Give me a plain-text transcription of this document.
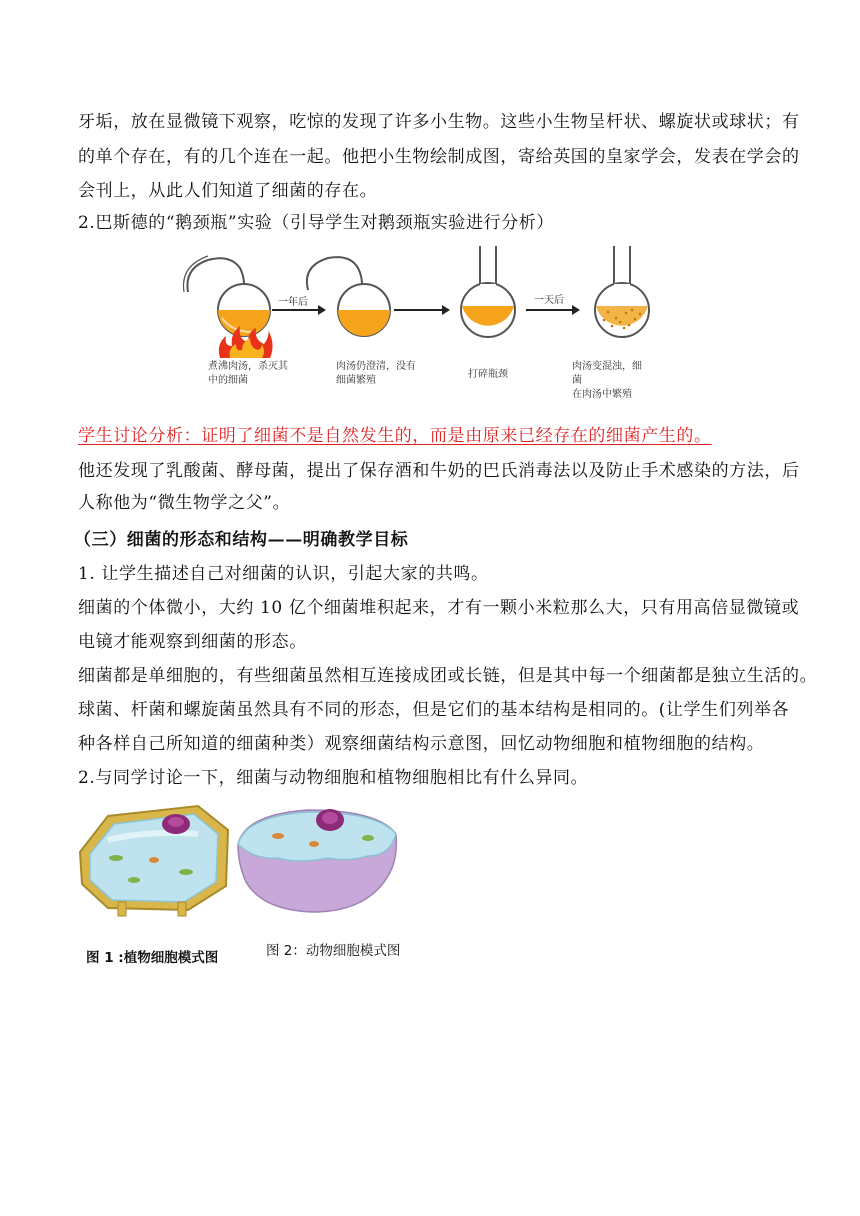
牙垢，放在显微镜下观察，吃惊的发现了许多小生物。这些小生物呈杆状、螺旋状或球状；有
的单个存在，有的几个连在一起。他把小生物绘制成图，寄给英国的皇家学会，发表在学会的
会刊上，从此人们知道了细菌的存在。
2.巴斯德的“鹅颈瓶”实验（引导学生对鹅颈瓶实验进行分析）
一年后	一天后
煮沸肉汤，杀灭其
中的细菌
肉汤仍澄清，没有
细菌繁殖
打碎瓶颈
肉汤变混浊，细菌
在肉汤中繁殖
学生讨论分析：证明了细菌不是自然发生的，而是由原来已经存在的细菌产生的。
他还发现了乳酸菌、酵母菌，提出了保存酒和牛奶的巴氏消毒法以及防止手术感染的方法，后
人称他为“微生物学之父”。
（三）细菌的形态和结构——明确教学目标
1. 让学生描述自己对细菌的认识，引起大家的共鸣。
细菌的个体微小，大约 10 亿个细菌堆积起来，才有一颗小米粒那么大，只有用高倍显微镜或
电镜才能观察到细菌的形态。
细菌都是单细胞的，有些细菌虽然相互连接成团或长链，但是其中每一个细菌都是独立生活的。
球菌、杆菌和螺旋菌虽然具有不同的形态，但是它们的基本结构是相同的。(让学生们列举各
种各样自己所知道的细菌种类）观察细菌结构示意图，回忆动物细胞和植物细胞的结构。
2.与同学讨论一下，细菌与动物细胞和植物细胞相比有什么异同。
图 1 :植物细胞模式图	图 2：动物细胞模式图
